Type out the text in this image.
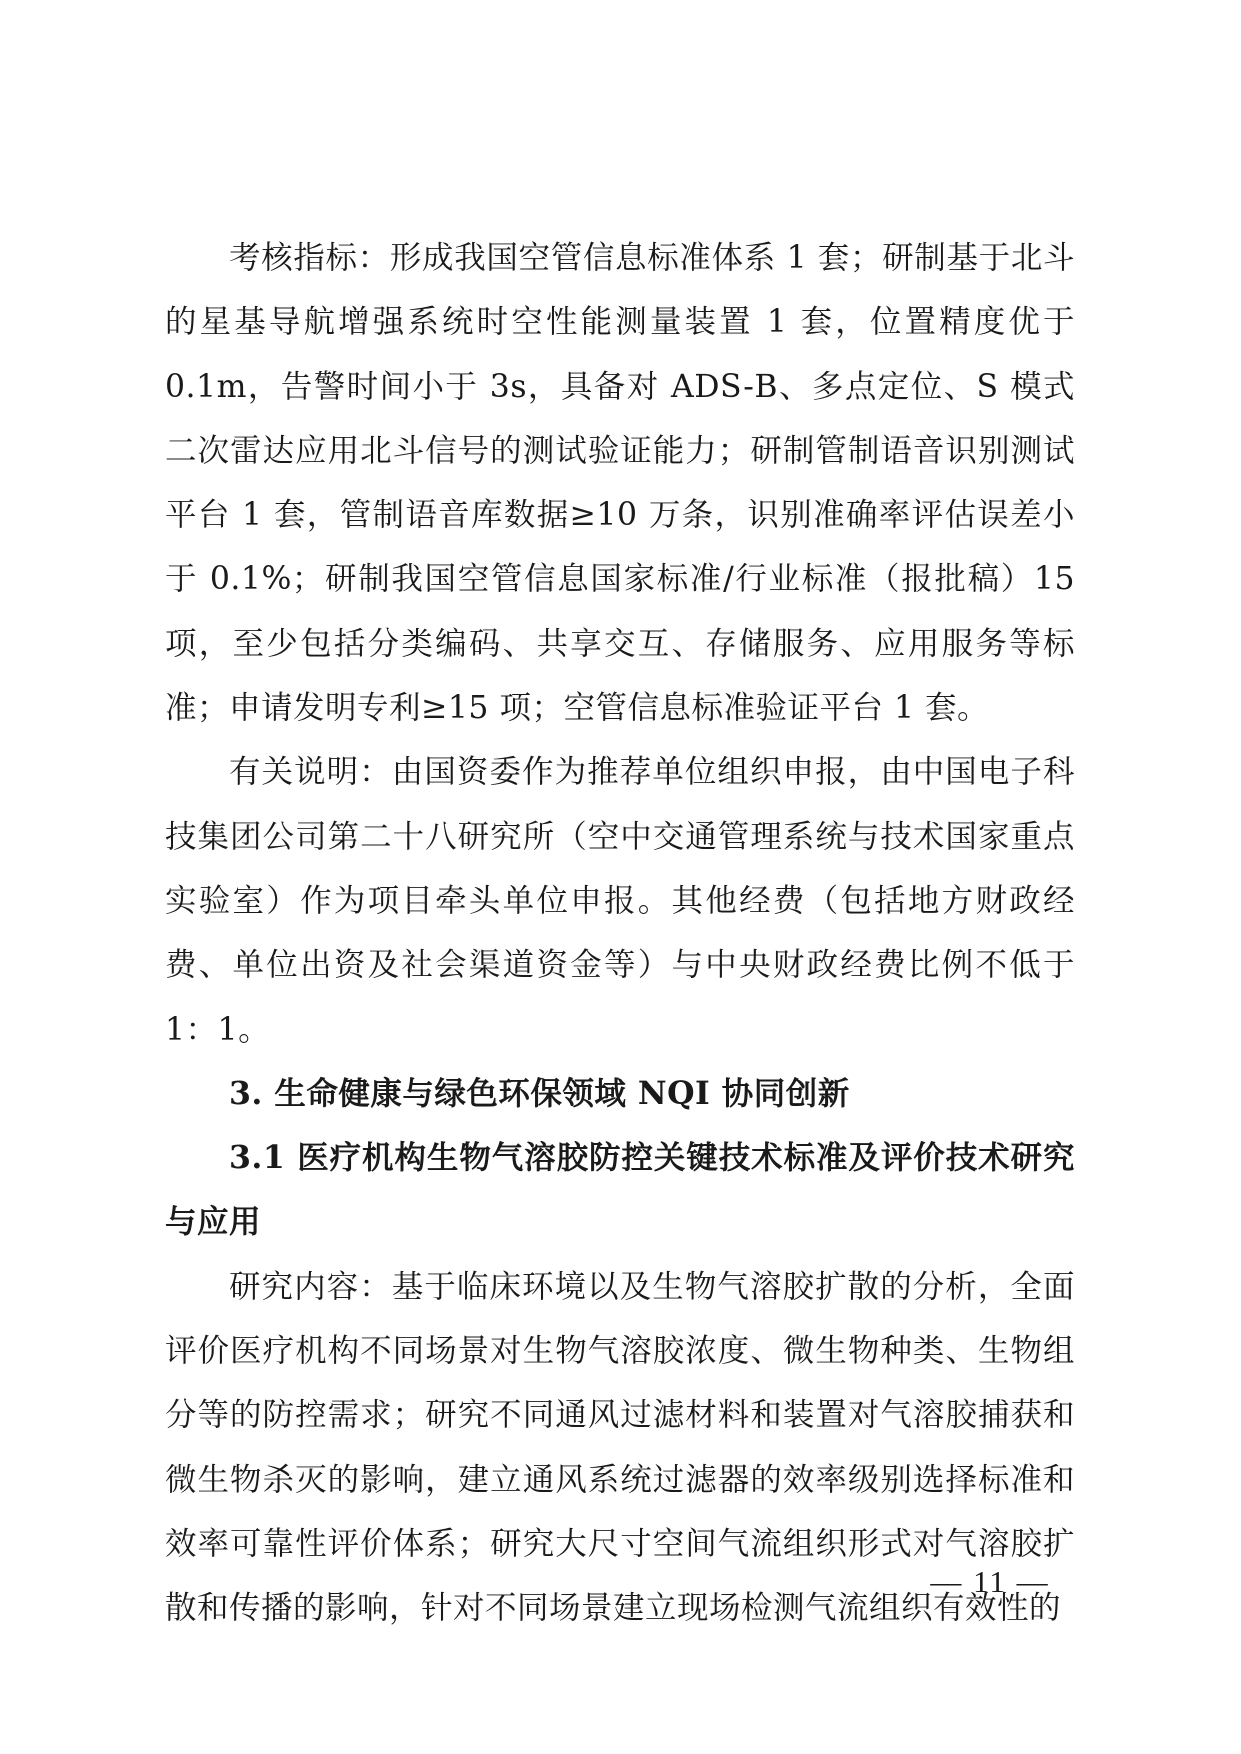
考核指标：形成我国空管信息标准体系 1 套；研制基于北斗的星基导航增强系统时空性能测量装置 1 套，位置精度优于 0.1m，告警时间小于 3s，具备对 ADS-B、多点定位、S 模式二次雷达应用北斗信号的测试验证能力；研制管制语音识别测试平台 1 套，管制语音库数据≥10 万条，识别准确率评估误差小于 0.1%；研制我国空管信息国家标准/行业标准（报批稿）15 项，至少包括分类编码、共享交互、存储服务、应用服务等标准；申请发明专利≥15 项；空管信息标准验证平台 1 套。

有关说明：由国资委作为推荐单位组织申报，由中国电子科技集团公司第二十八研究所（空中交通管理系统与技术国家重点实验室）作为项目牵头单位申报。其他经费（包括地方财政经费、单位出资及社会渠道资金等）与中央财政经费比例不低于 1：1。

3. 生命健康与绿色环保领域 NQI 协同创新

3.1 医疗机构生物气溶胶防控关键技术标准及评价技术研究与应用

研究内容：基于临床环境以及生物气溶胶扩散的分析，全面评价医疗机构不同场景对生物气溶胶浓度、微生物种类、生物组分等的防控需求；研究不同通风过滤材料和装置对气溶胶捕获和微生物杀灭的影响，建立通风系统过滤器的效率级别选择标准和效率可靠性评价体系；研究大尺寸空间气流组织形式对气溶胶扩散和传播的影响，针对不同场景建立现场检测气流组织有效性的

— 11 —
